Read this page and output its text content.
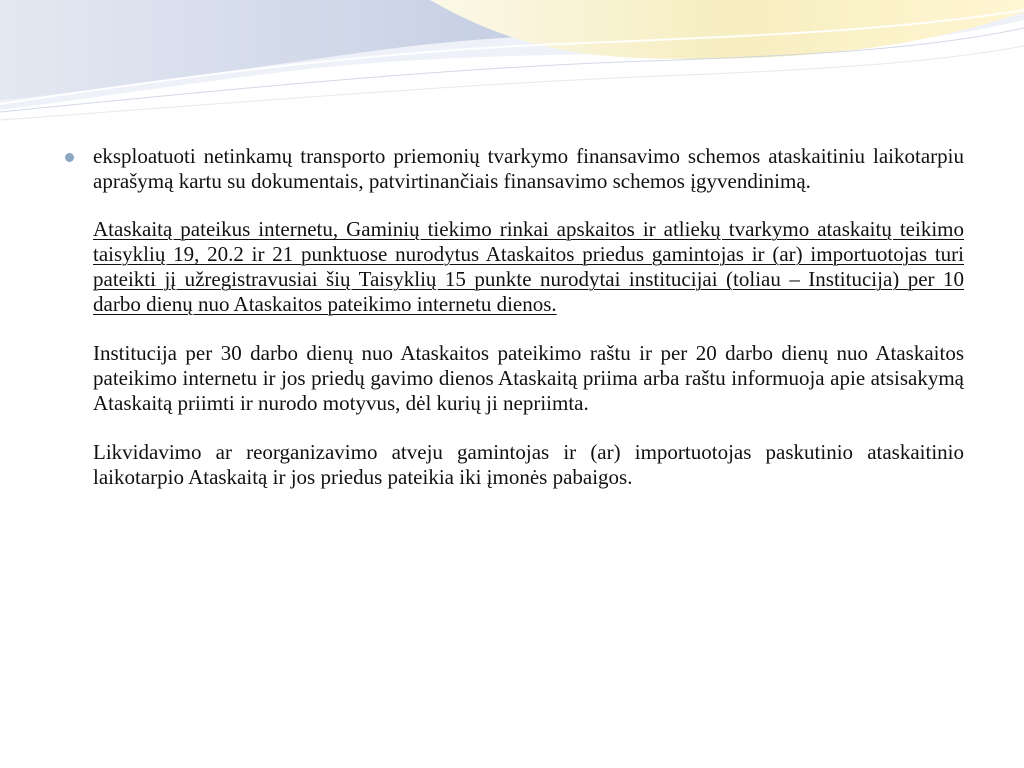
eksploatuoti netinkamų transporto priemonių tvarkymo finansavimo schemos ataskaitiniu laikotarpiu aprašymą kartu su dokumentais, patvirtinančiais finansavimo schemos įgyvendinimą.

Ataskaitą pateikus internetu, Gaminių tiekimo rinkai apskaitos ir atliekų tvarkymo ataskaitų teikimo taisyklių 19, 20.2 ir 21 punktuose nurodytus Ataskaitos priedus gamintojas ir (ar) importuotojas turi pateikti jį užregistravusiai šių Taisyklių 15 punkte nurodytai institucijai (toliau – Institucija) per 10 darbo dienų nuo Ataskaitos pateikimo internetu dienos.

Institucija per 30 darbo dienų nuo Ataskaitos pateikimo raštu ir per 20 darbo dienų nuo Ataskaitos pateikimo internetu ir jos priedų gavimo dienos Ataskaitą priima arba raštu informuoja apie atsisakymą Ataskaitą priimti ir nurodo motyvus, dėl kurių ji nepriimta.

Likvidavimo ar reorganizavimo atveju gamintojas ir (ar) importuotojas paskutinio ataskaitinio laikotarpio Ataskaitą ir jos priedus pateikia iki įmonės pabaigos.
